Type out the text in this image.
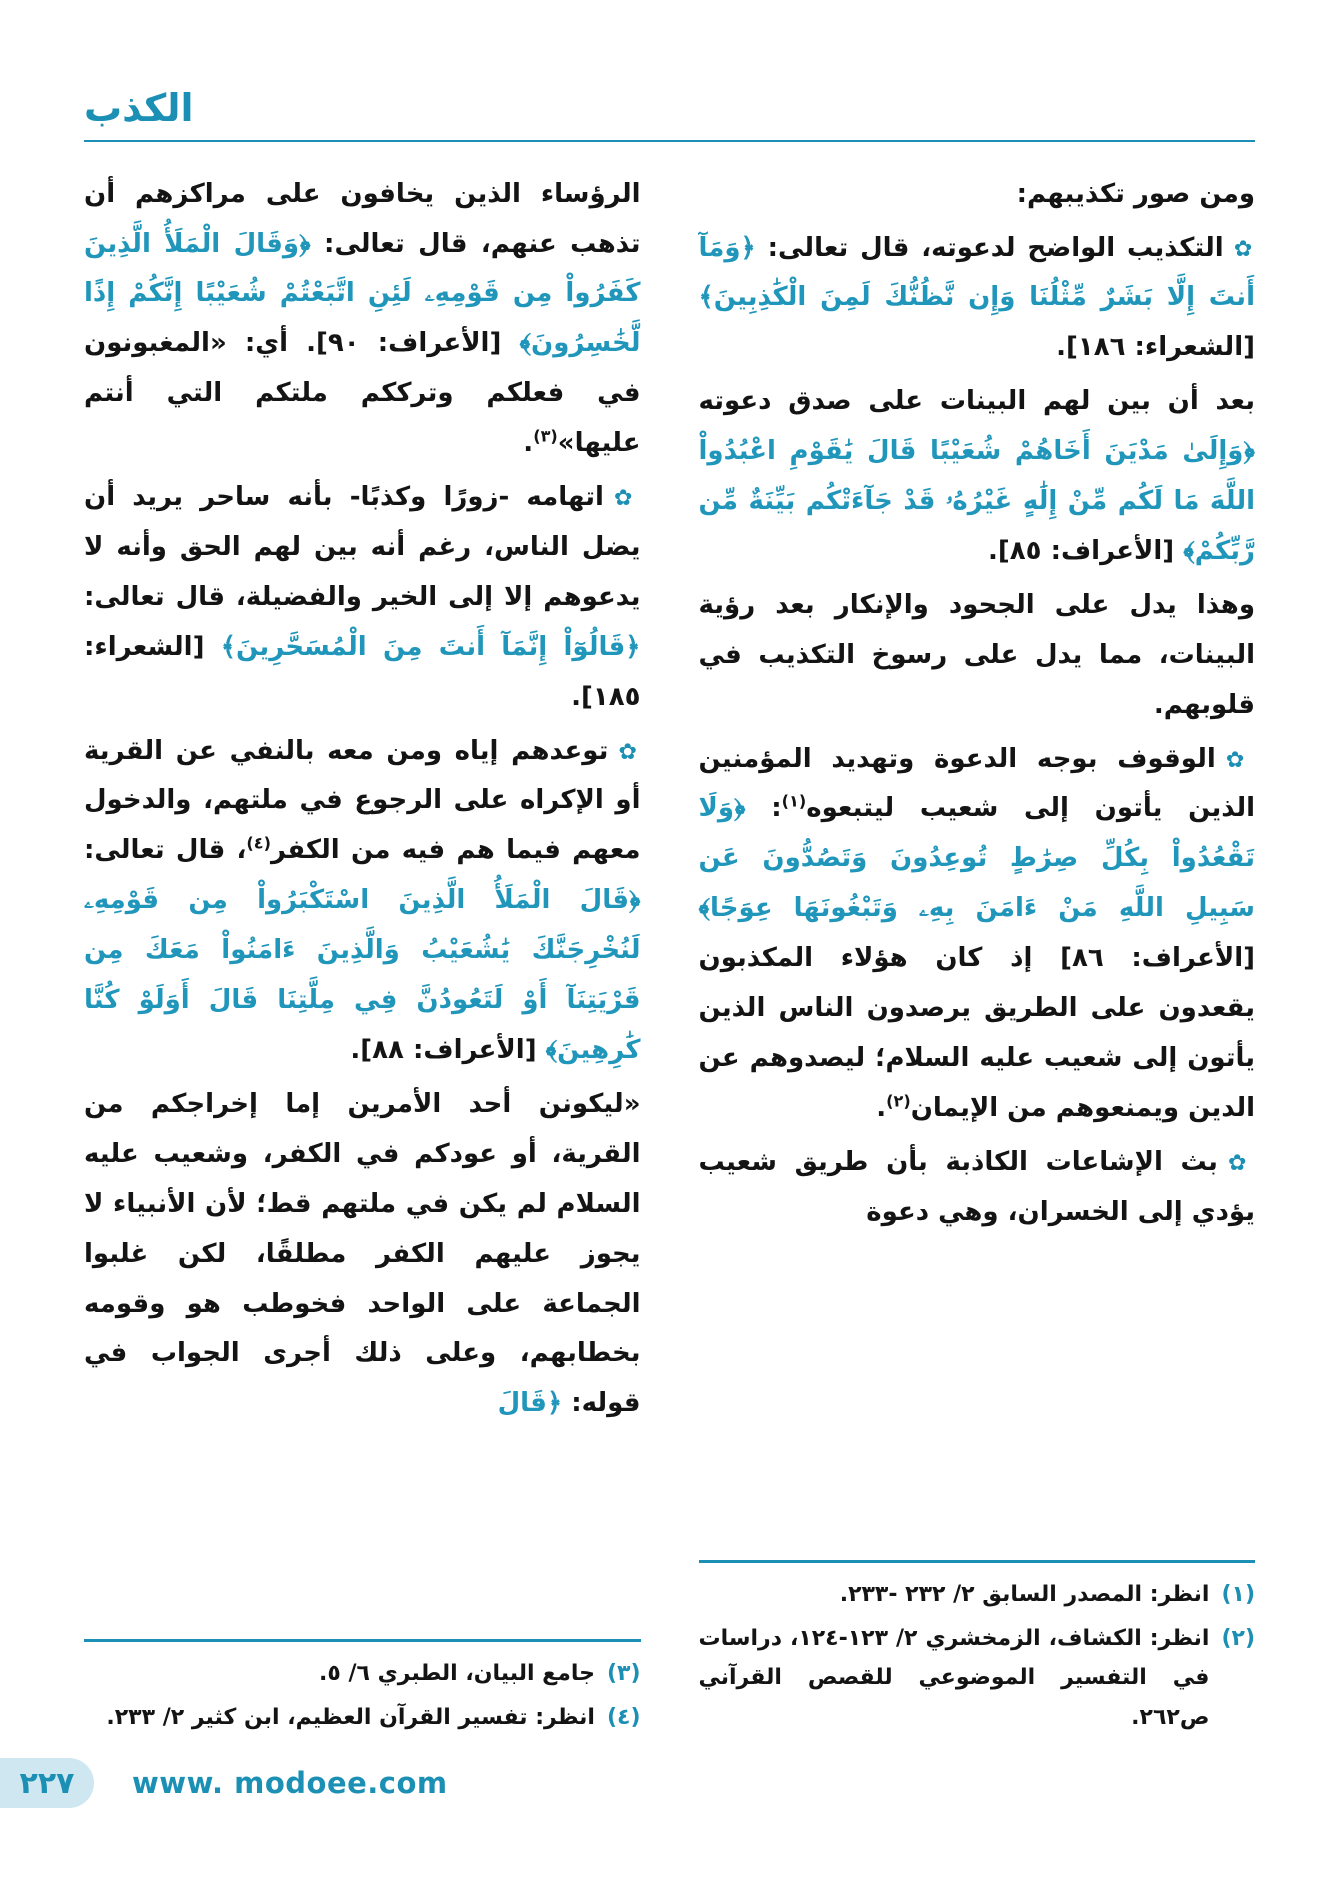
الكذب

ومن صور تكذيبهم:

✿التكذيب الواضح لدعوته، قال تعالى: ﴿وَمَآ أَنتَ إِلَّا بَشَرٌ مِّثْلُنَا وَإِن نَّظُنُّكَ لَمِنَ الْكَٰذِبِينَ﴾ [الشعراء: ١٨٦].

بعد أن بين لهم البينات على صدق دعوته ﴿وَإِلَىٰ مَدْيَنَ أَخَاهُمْ شُعَيْبًا قَالَ يَٰقَوْمِ اعْبُدُواْ اللَّهَ مَا لَكُم مِّنْ إِلَٰهٍ غَيْرُهُۥ قَدْ جَآءَتْكُم بَيِّنَةٌ مِّن رَّبِّكُمْ﴾ [الأعراف: ٨٥].

وهذا يدل على الجحود والإنكار بعد رؤية البينات، مما يدل على رسوخ التكذيب في قلوبهم.

✿الوقوف بوجه الدعوة وتهديد المؤمنين الذين يأتون إلى شعيب ليتبعوه$^{(١)}$: ﴿وَلَا تَقْعُدُواْ بِكُلِّ صِرَٰطٍ تُوعِدُونَ وَتَصُدُّونَ عَن سَبِيلِ اللَّهِ مَنْ ءَامَنَ بِهِۦ وَتَبْغُونَهَا عِوَجًا﴾ [الأعراف: ٨٦] إذ كان هؤلاء المكذبون يقعدون على الطريق يرصدون الناس الذين يأتون إلى شعيب عليه السلام؛ ليصدوهم عن الدين ويمنعوهم من الإيمان$^{(٢)}$.

✿بث الإشاعات الكاذبة بأن طريق شعيب يؤدي إلى الخسران، وهي دعوة

(١)
انظر: المصدر السابق ٢/ ٢٣٢ -٢٣٣.
(٢)
انظر: الكشاف، الزمخشري ٢/ ١٢٣-١٢٤، دراسات في التفسير الموضوعي للقصص القرآني ص٢٦٢.

الرؤساء الذين يخافون على مراكزهم أن تذهب عنهم، قال تعالى: ﴿وَقَالَ الْمَلَأُ الَّذِينَ كَفَرُواْ مِن قَوْمِهِۦ لَئِنِ اتَّبَعْتُمْ شُعَيْبًا إِنَّكُمْ إِذًا لَّخَٰسِرُونَ﴾ [الأعراف: ٩٠]. أي: «المغبونون في فعلكم وترككم ملتكم التي أنتم عليها»$^{(٣)}$.

✿اتهامه -زورًا وكذبًا- بأنه ساحر يريد أن يضل الناس، رغم أنه بين لهم الحق وأنه لا يدعوهم إلا إلى الخير والفضيلة، قال تعالى: ﴿قَالُوٓاْ إِنَّمَآ أَنتَ مِنَ الْمُسَحَّرِينَ﴾ [الشعراء: ١٨٥].

✿توعدهم إياه ومن معه بالنفي عن القرية أو الإكراه على الرجوع في ملتهم، والدخول معهم فيما هم فيه من الكفر$^{(٤)}$، قال تعالى: ﴿قَالَ الْمَلَأُ الَّذِينَ اسْتَكْبَرُواْ مِن قَوْمِهِۦ لَنُخْرِجَنَّكَ يَٰشُعَيْبُ وَالَّذِينَ ءَامَنُواْ مَعَكَ مِن قَرْيَتِنَآ أَوْ لَتَعُودُنَّ فِي مِلَّتِنَا قَالَ أَوَلَوْ كُنَّا كَٰرِهِينَ﴾ [الأعراف: ٨٨].

«ليكونن أحد الأمرين إما إخراجكم من القرية، أو عودكم في الكفر، وشعيب عليه السلام لم يكن في ملتهم قط؛ لأن الأنبياء لا يجوز عليهم الكفر مطلقًا، لكن غلبوا الجماعة على الواحد فخوطب هو وقومه بخطابهم، وعلى ذلك أجرى الجواب في قوله: ﴿قَالَ

(٣)
جامع البيان، الطبري ٦/ ٥.
(٤)
انظر: تفسير القرآن العظيم، ابن كثير ٢/ ٢٣٣.
٢٢٧ www. modoee.com
